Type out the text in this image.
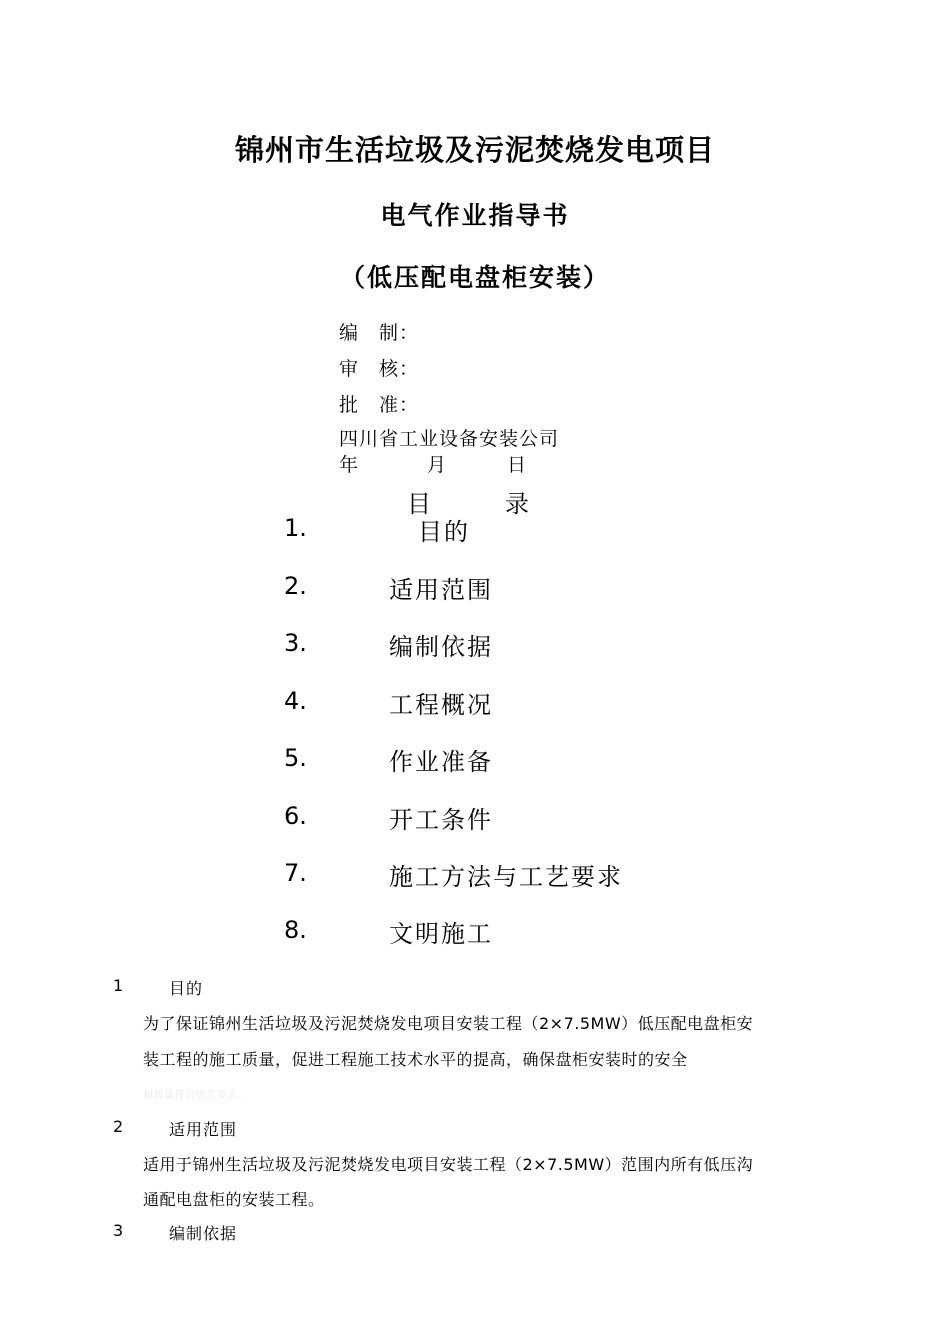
锦州市生活垃圾及污泥焚烧发电项目
电气作业指导书
（低压配电盘柜安装）
编　制：
审　核：
批　准：
四川省工业设备安装公司
年	月	日
目	录
1.	目的
2.	适用范围
3.	编制依据
4.	工程概况
5.	作业准备
6.	开工条件
7.	施工方法与工艺要求
8.	文明施工
1	目的
为了保证锦州生活垃圾及污泥焚烧发电项目安装工程（2×7.5MW）低压配电盘柜安
装工程的施工质量，促进工程施工技术水平的提高，确保盘柜安装时的安全
和质量符合规范要求。
2	适用范围
适用于锦州生活垃圾及污泥焚烧发电项目安装工程（2×7.5MW）范围内所有低压沟
通配电盘柜的安装工程。
3	编制依据
